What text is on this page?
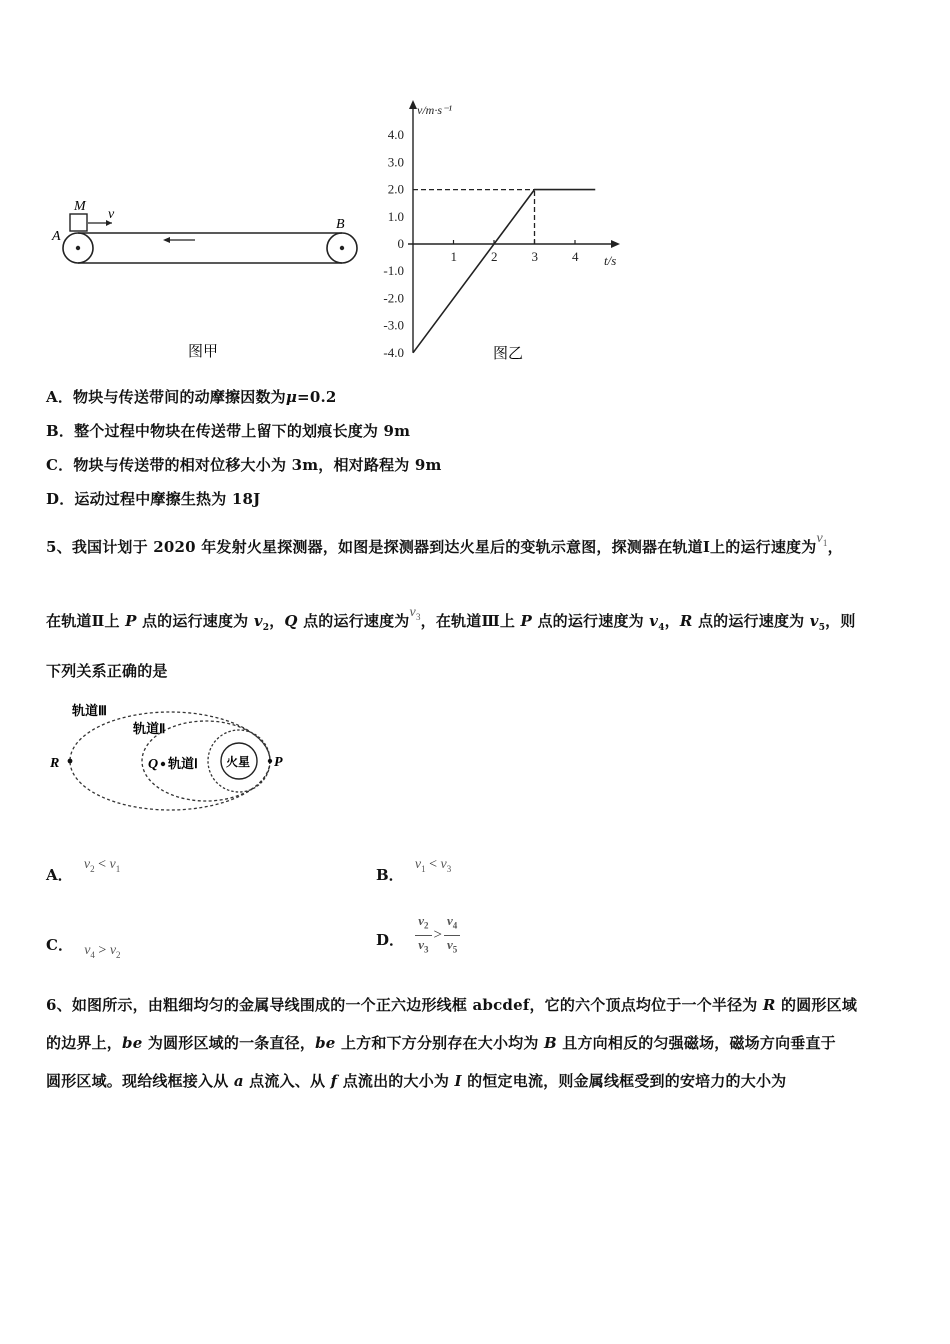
M
v
A
B
图甲
4.0
3.0
2.0
1.0
0
-1.0
-2.0
-3.0
-4.0
1	2	3	4 t/s
v/m·s⁻¹
图乙
A．物块与传送带间的动摩擦因数为μ=0.2
B．整个过程中物块在传送带上留下的划痕长度为 9m
C．物块与传送带的相对位移大小为 3m，相对路程为 9m
D．运动过程中摩擦生热为 18J
5、我国计划于 2020 年发射火星探测器，如图是探测器到达火星后的变轨示意图，探测器在轨道Ⅰ上的运行速度为$v_1$，
在轨道Ⅱ上 P 点的运行速度为 $v_2$，Q 点的运行速度为$v_3$，在轨道Ⅲ上 P 点的运行速度为 $v_4$，R 点的运行速度为 $v_5$，则
下列关系正确的是
轨道Ⅲ
轨道Ⅱ
轨道Ⅰ 火星
R	Q	P
A． $v_2 < v_1$	B． $v_1 < v_3$
C． $v_4 > v_2$
D． $\frac{v_2}{v_3} > \frac{v_4}{v_5}$
6、如图所示，由粗细均匀的金属导线围成的一个正六边形线框 abcdef，它的六个顶点均位于一个半径为 R 的圆形区域
的边界上，be 为圆形区域的一条直径，be 上方和下方分别存在大小均为 B 且方向相反的匀强磁场，磁场方向垂直于
圆形区域。现给线框接入从 a 点流入、从 f 点流出的大小为 I 的恒定电流，则金属线框受到的安培力的大小为
